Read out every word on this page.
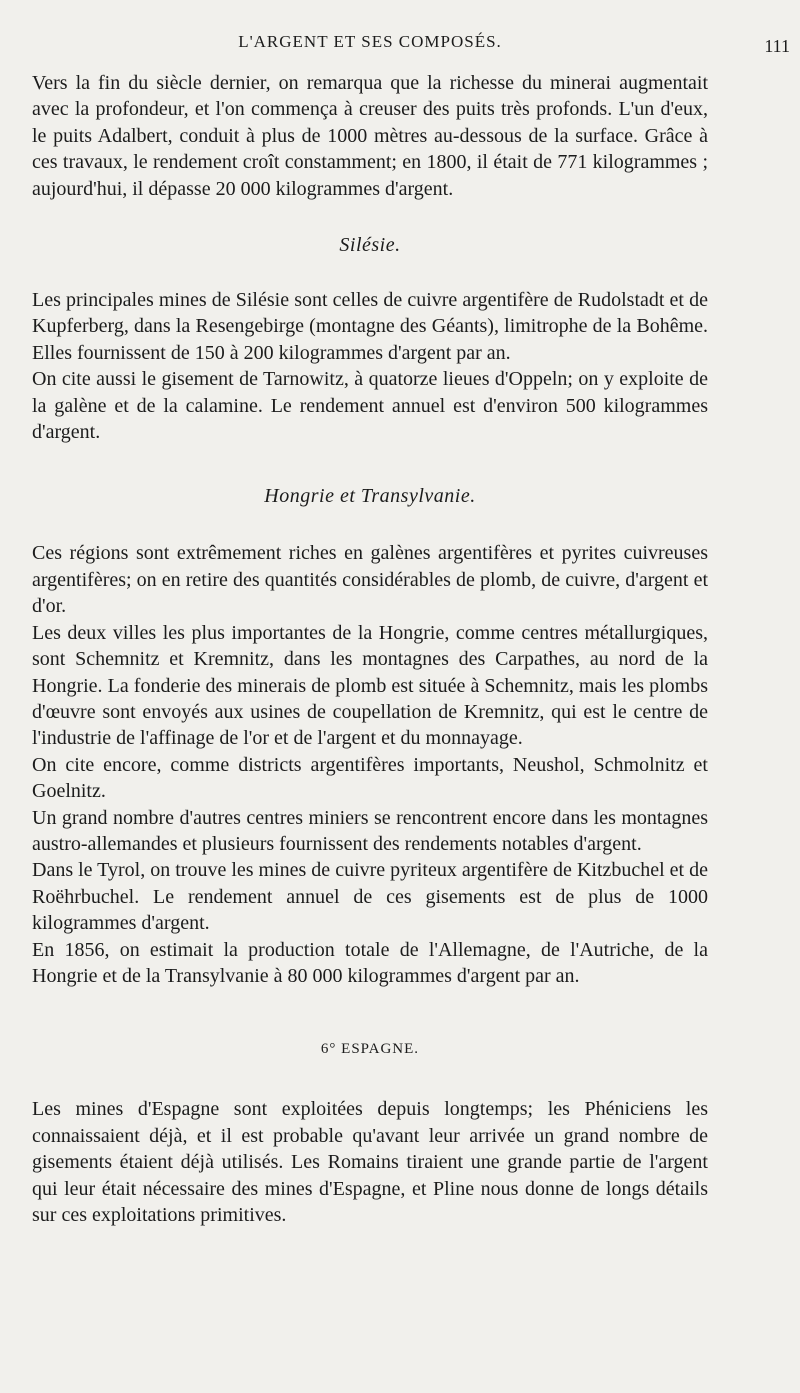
L'ARGENT ET SES COMPOSÉS.	111

Vers la fin du siècle dernier, on remarqua que la richesse du minerai augmentait avec la profondeur, et l'on commença à creuser des puits très profonds. L'un d'eux, le puits Adalbert, conduit à plus de 1000 mètres au-dessous de la surface. Grâce à ces travaux, le rendement croît constamment; en 1800, il était de 771 kilogrammes ; aujourd'hui, il dépasse 20 000 kilogrammes d'argent.

Silésie.

Les principales mines de Silésie sont celles de cuivre argentifère de Rudolstadt et de Kupferberg, dans la Resengebirge (montagne des Géants), limitrophe de la Bohême. Elles fournissent de 150 à 200 kilogrammes d'argent par an.

On cite aussi le gisement de Tarnowitz, à quatorze lieues d'Oppeln; on y exploite de la galène et de la calamine. Le rendement annuel est d'environ 500 kilogrammes d'argent.

Hongrie et Transylvanie.

Ces régions sont extrêmement riches en galènes argentifères et pyrites cuivreuses argentifères; on en retire des quantités considérables de plomb, de cuivre, d'argent et d'or.

Les deux villes les plus importantes de la Hongrie, comme centres métallurgiques, sont Schemnitz et Kremnitz, dans les montagnes des Carpathes, au nord de la Hongrie. La fonderie des minerais de plomb est située à Schemnitz, mais les plombs d'œuvre sont envoyés aux usines de coupellation de Kremnitz, qui est le centre de l'industrie de l'affinage de l'or et de l'argent et du monnayage.

On cite encore, comme districts argentifères importants, Neushol, Schmolnitz et Goelnitz.

Un grand nombre d'autres centres miniers se rencontrent encore dans les montagnes austro-allemandes et plusieurs fournissent des rendements notables d'argent.

Dans le Tyrol, on trouve les mines de cuivre pyriteux argentifère de Kitzbuchel et de Roëhrbuchel. Le rendement annuel de ces gisements est de plus de 1000 kilogrammes d'argent.

En 1856, on estimait la production totale de l'Allemagne, de l'Autriche, de la Hongrie et de la Transylvanie à 80 000 kilogrammes d'argent par an.

6° ESPAGNE.

Les mines d'Espagne sont exploitées depuis longtemps; les Phéniciens les connaissaient déjà, et il est probable qu'avant leur arrivée un grand nombre de gisements étaient déjà utilisés. Les Romains tiraient une grande partie de l'argent qui leur était nécessaire des mines d'Espagne, et Pline nous donne de longs détails sur ces exploitations primitives.
